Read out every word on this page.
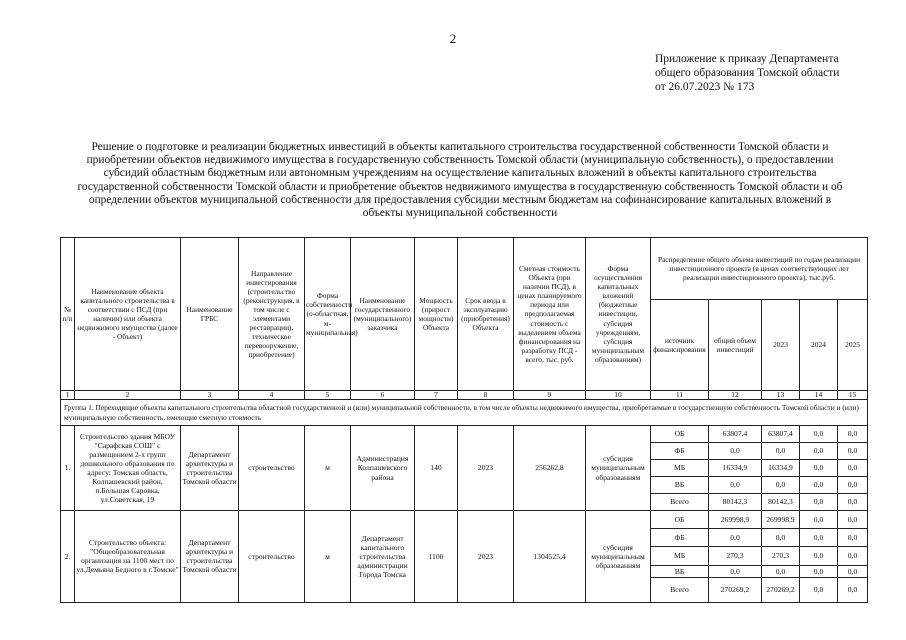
2
Приложение к приказу Департамента
общего образования Томской области
от 26.07.2023 № 173
Решение о подготовке и реализации бюджетных инвестиций в объекты капитального строительства государственной собственности Томской области и
приобретении объектов недвижимого имущества в государственную собственность Томской области (муниципальную собственность), о предоставлении
субсидий областным бюджетным или автономным учреждениям на осуществление капитальных вложений в объекты капитального строительства
государственной собственности Томской области и приобретение объектов недвижимого имущества в государственную собственность Томской области и об
определении объектов муниципальной собственности для предоставления субсидии местным бюджетам на софинансирование капитальных вложений в
объекты муниципальной собственности
№ п/п	Наименование объекта капитального строительства в соответствии с ПСД (при наличии) или объекта недвижимого имущества (далее - Объект)	Наименование ГРБС	Направление инвестирования (строительство (реконструкция, в том числе с элементами реставрации), техническое перевооружение, приобретение)	Форма собственности (о-областная, м-муниципальная)	Наименование государственного (муниципального) заказчика	Мощность (прирост мощности) Объекта	Срок ввода в эксплуатацию (приобретения) Объекта	Сметная стоимость Объекта (при наличии ПСД), в ценах планируемого периода или предполагаемая стоимость с выделением объема финансирования на разработку ПСД - всего, тыс. руб.	Форма осуществления капитальных вложений (бюджетные инвестиции, субсидия учреждениям, субсидия муниципальным образованиям)	Распределение общего объема инвестиций по годам реализации инвестиционного проекта (в ценах соответствующих лет реализации инвестиционного проекта), тыс.руб.				
										источник финансирования	общий объем инвестиций	2023	2024	2025
1	2	3	4	5	6	7	8	9	10	11	12	13	14	15
Группа 1. Переходящие объекты капитального строительства областной государственной и (или) муниципальной собственности, в том числе объекты недвижимого имущества, приобретаемые в государственную собственность Томской области и (или) муниципальную собственность, имеющие сметную стоимость														
1.	Строительство здания МБОУ "Сарафская СОШ" с размещением 2-х групп дошкольного образования по адресу: Томская область, Колпашевский район, п.Большая Саровка, ул.Советская, 19	Департамент архитектуры и строительства Томской области	строительство	м	Администрация Колпашевского района	140	2023	256262,8	субсидия муниципальным образованиям	ОБ	63807,4	63807,4	0,0	0,0
										ФБ	0,0	0,0	0,0	0,0
										МБ	16334,9	16334,9	0,0	0,0
										ВБ	0,0	0,0	0,0	0,0
										Всего	80142,3	80142,3	0,0	0,0
2.	Строительство объекта: "Общеобразовательная организация на 1100 мест по ул.Демьяна Бедного в г.Томске"	Департамент архитектуры и строительства Томской области	строительство	м	Департамент капитального строительства администрации Города Томска	1100	2023	1304525,4	субсидия муниципальным образованиям	ОБ	269998,9	269998,9	0,0	0,0
										ФБ	0,0	0,0	0,0	0,0
										МБ	270,3	270,3	0,0	0,0
										ВБ	0,0	0,0	0,0	0,0
										Всего	270269,2	270269,2	0,0	0,0
